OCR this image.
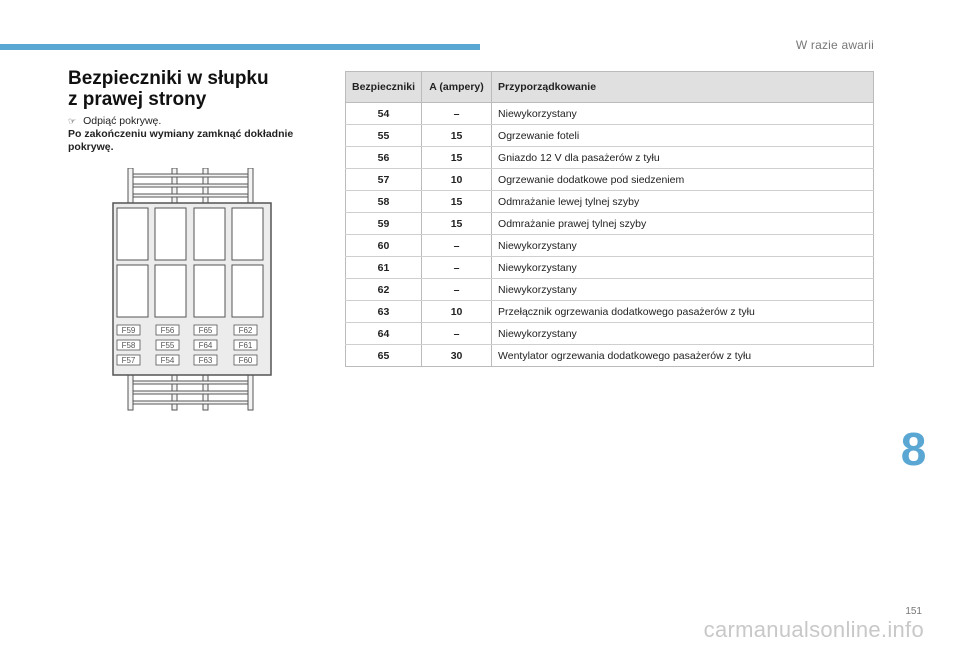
W razie awarii
Bezpieczniki w słupku
z prawej strony
☞ Odpiąć pokrywę.
Po zakończeniu wymiany zamknąć dokładnie pokrywę.
F59	F56	F65	F62
F58	F55	F64	F61
F57	F54	F63	F60
Bezpieczniki	A (ampery)	Przyporządkowanie
54	–	Niewykorzystany
55	15	Ogrzewanie foteli
56	15	Gniazdo 12 V dla pasażerów z tyłu
57	10	Ogrzewanie dodatkowe pod siedzeniem
58	15	Odmrażanie lewej tylnej szyby
59	15	Odmrażanie prawej tylnej szyby
60	–	Niewykorzystany
61	–	Niewykorzystany
62	–	Niewykorzystany
63	10	Przełącznik ogrzewania dodatkowego pasażerów z tyłu
64	–	Niewykorzystany
65	30	Wentylator ogrzewania dodatkowego pasażerów z tyłu
8
151
carmanualsonline.info
